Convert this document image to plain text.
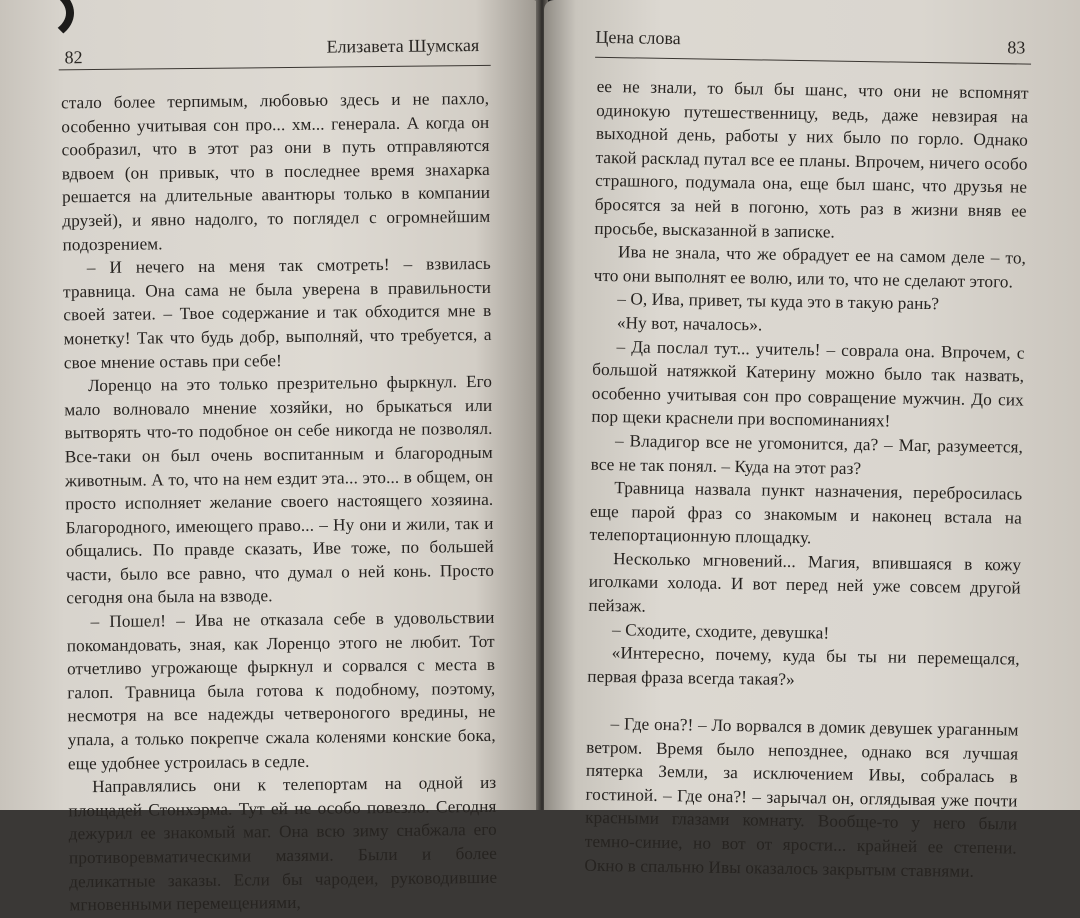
82
Елизавета Шумская

стало более терпимым, любовью здесь и не пахло, особенно учитывая сон про... хм... генерала. А когда он сообразил, что в этот раз они в путь отправляются вдвоем (он привык, что в последнее время знахарка решается на длительные авантюры только в компании друзей), и явно надолго, то поглядел с огромнейшим подозрением.

– И нечего на меня так смотреть! – взвилась травница. Она сама не была уверена в правильности своей затеи. – Твое содержание и так обходится мне в монетку! Так что будь добр, выполняй, что требуется, а свое мнение оставь при себе!

Лоренцо на это только презрительно фыркнул. Его мало волновало мнение хозяйки, но брыкаться или вытворять что-то подобное он себе никогда не позволял. Все-таки он был очень воспитанным и благородным животным. А то, что на нем ездит эта... это... в общем, он просто исполняет желание своего настоящего хозяина. Благородного, имеющего право... – Ну они и жили, так и общались. По правде сказать, Иве тоже, по большей части, было все равно, что думал о ней конь. Просто сегодня она была на взводе.

– Пошел! – Ива не отказала себе в удовольствии покомандовать, зная, как Лоренцо этого не любит. Тот отчетливо угрожающе фыркнул и сорвался с места в галоп. Травница была готова к подобному, поэтому, несмотря на все надежды четвероногого вредины, не упала, а только покрепче сжала коленями конские бока, еще удобнее устроилась в седле.

Направлялись они к телепортам на одной из площадей Стонхэрма. Тут ей не особо повезло. Сегодня дежурил ее знакомый маг. Она всю зиму снабжала его противоревматическими мазями. Были и более деликатные заказы. Если бы чародеи, руководившие мгновенными перемещениями,

Цена слова	83

ее не знали, то был бы шанс, что они не вспомнят одинокую путешественницу, ведь, даже невзирая на выходной день, работы у них было по горло. Однако такой расклад путал все ее планы. Впрочем, ничего особо страшного, подумала она, еще был шанс, что друзья не бросятся за ней в погоню, хоть раз в жизни вняв ее просьбе, высказанной в записке.

Ива не знала, что же обрадует ее на самом деле – то, что они выполнят ее волю, или то, что не сделают этого.

– О, Ива, привет, ты куда это в такую рань?

«Ну вот, началось».

– Да послал тут... учитель! – соврала она. Впрочем, с большой натяжкой Катерину можно было так назвать, особенно учитывая сон про совращение мужчин. До сих пор щеки краснели при воспоминаниях!

– Владигор все не угомонится, да? – Маг, разумеется, все не так понял. – Куда на этот раз?

Травница назвала пункт назначения, перебросилась еще парой фраз со знакомым и наконец встала на телепортационную площадку.

Несколько мгновений... Магия, впившаяся в кожу иголками холода. И вот перед ней уже совсем другой пейзаж.

– Сходите, сходите, девушка!

«Интересно, почему, куда бы ты ни перемещался, первая фраза всегда такая?»

– Где она?! – Ло ворвался в домик девушек ураганным ветром. Время было непозднее, однако вся лучшая пятерка Земли, за исключением Ивы, собралась в гостиной. – Где она?! – зарычал он, оглядывая уже почти красными глазами комнату. Вообще-то у него были темно-синие, но вот от ярости... крайней ее степени. Окно в спальню Ивы оказалось закрытым ставнями.
